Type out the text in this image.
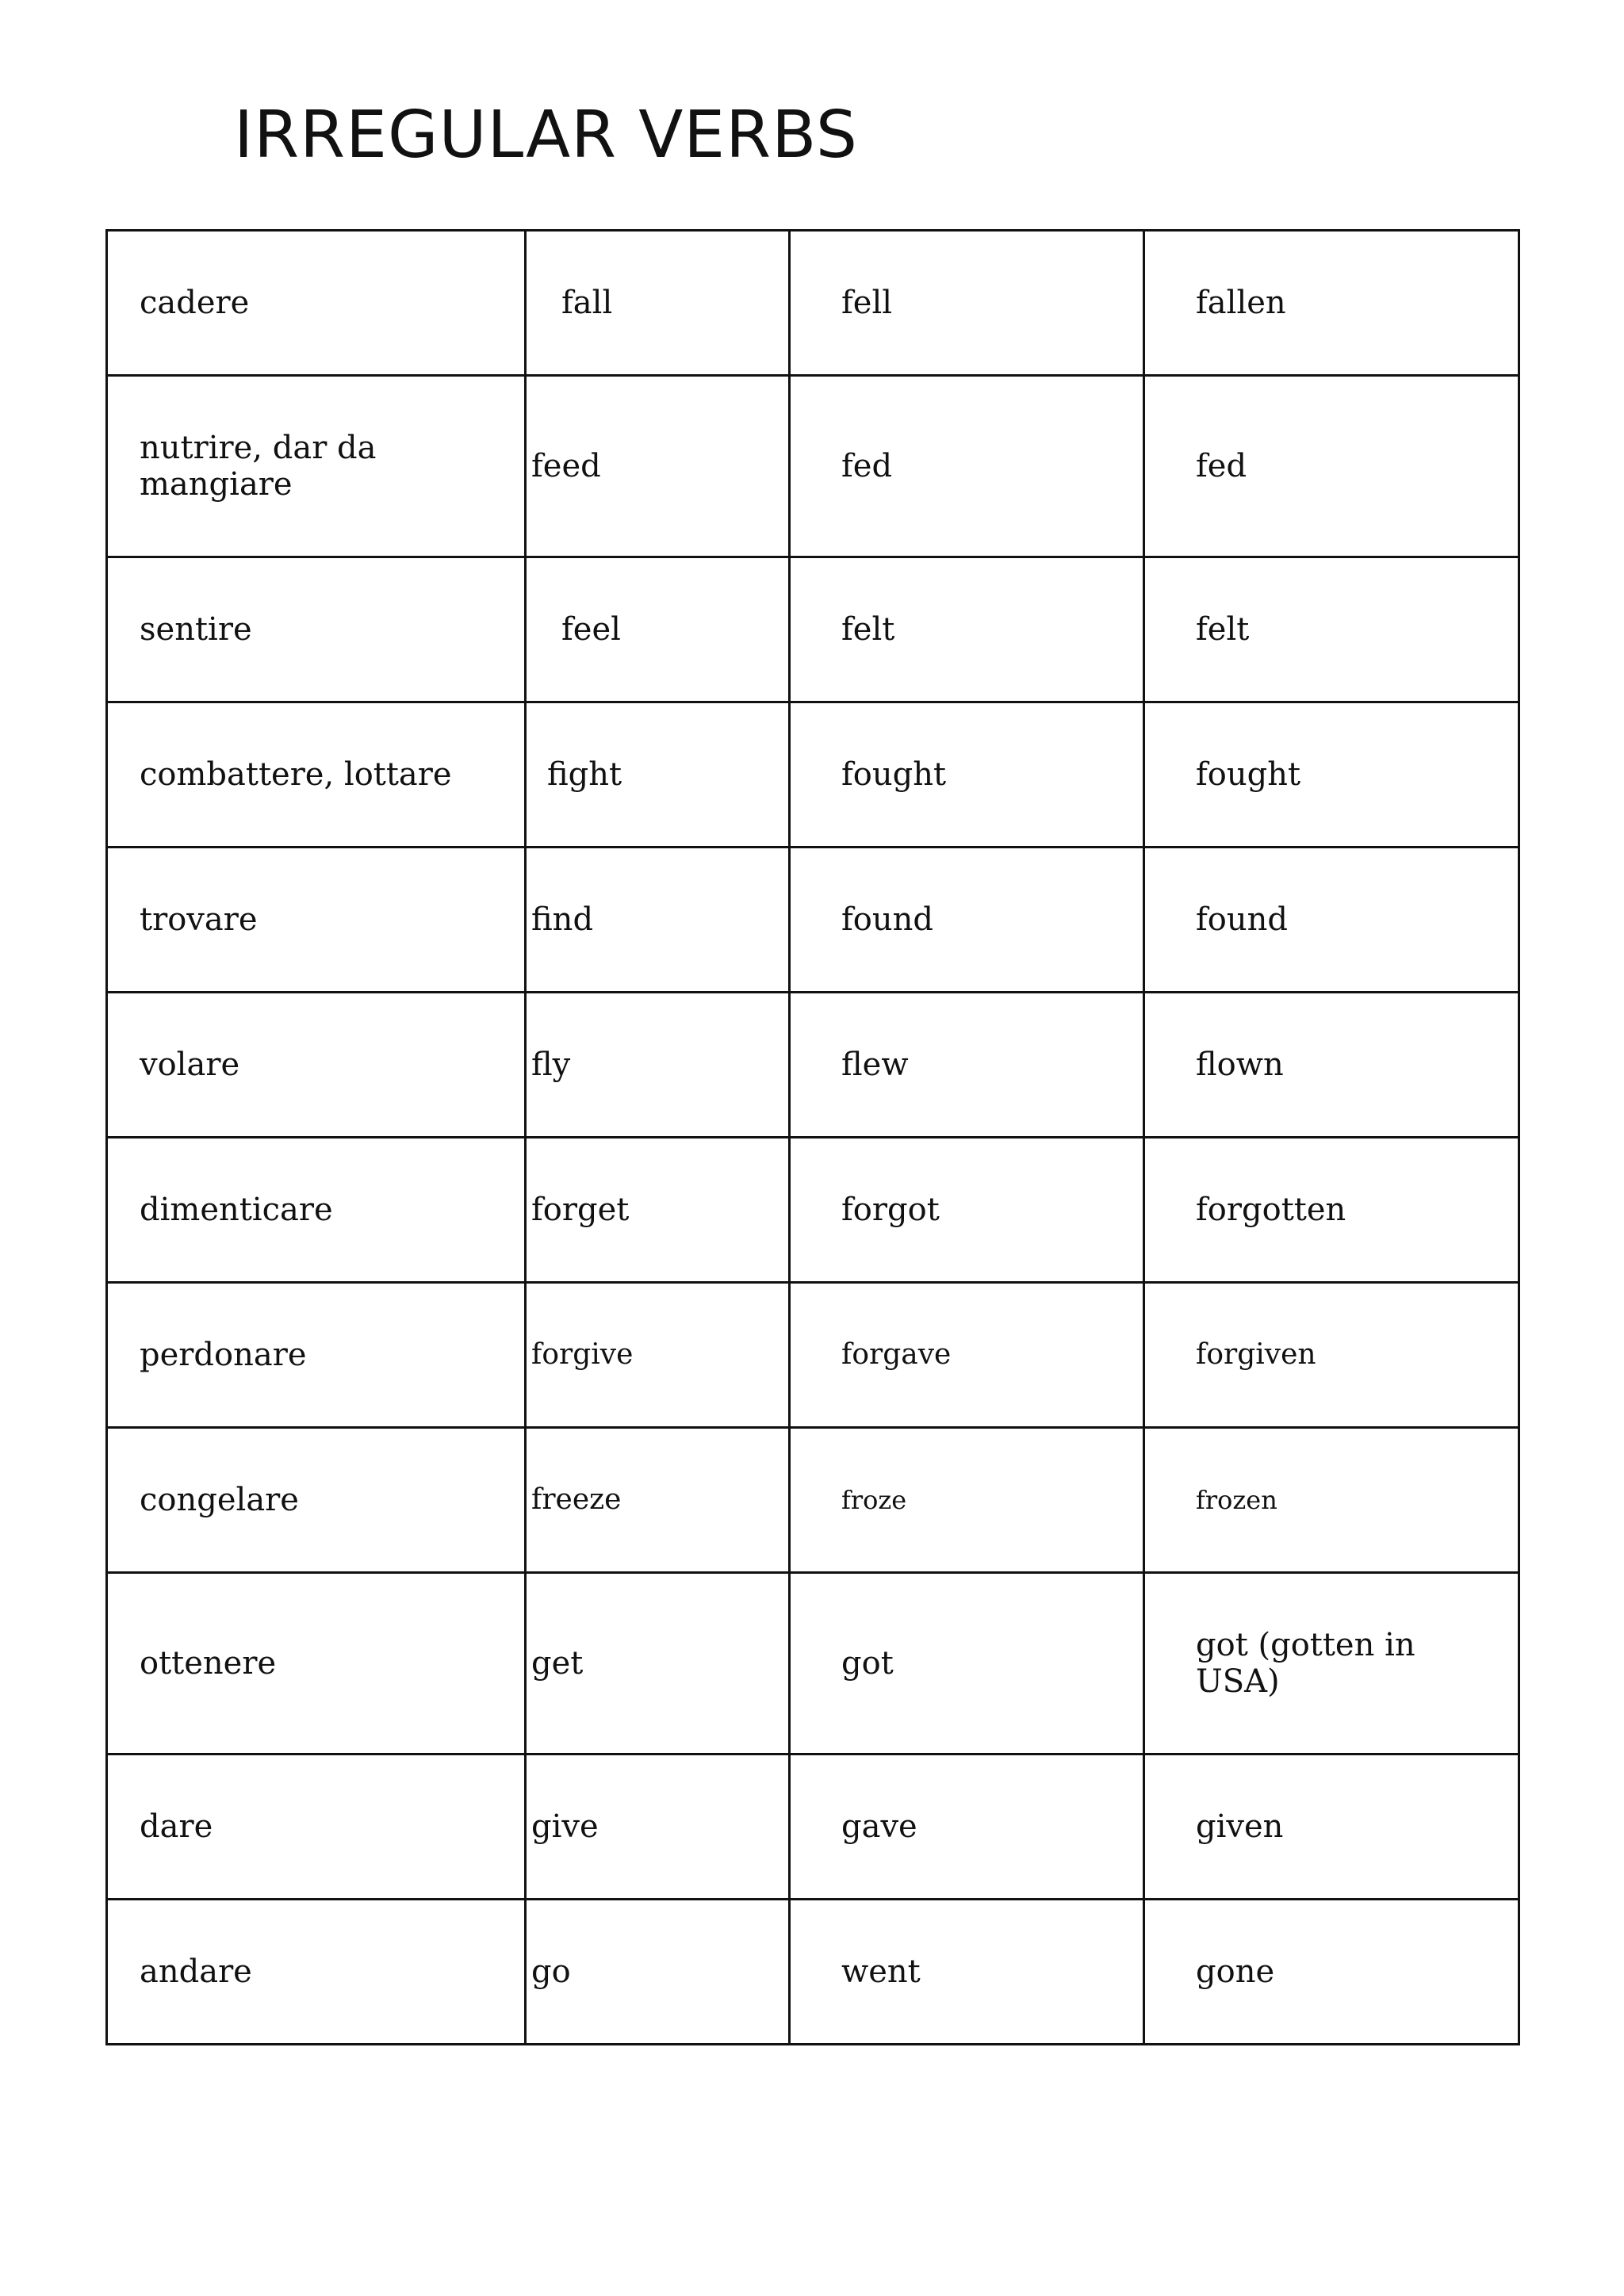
IRREGULAR VERBS
cadere	fall	fell	fallen
nutrire, dar da mangiare	feed	fed	fed
sentire	feel	felt	felt
combattere, lottare	fight	fought	fought
trovare	find	found	found
volare	fly	flew	flown
dimenticare	forget	forgot	forgotten
perdonare	forgive	forgave	forgiven
congelare	freeze	froze	frozen
ottenere	get	got	got (gotten in USA)
dare	give	gave	given
andare	go	went	gone
